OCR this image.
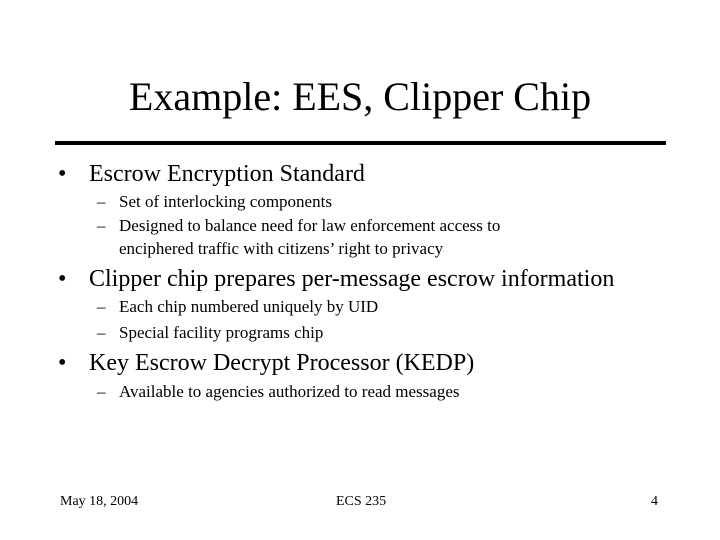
Example: EES, Clipper Chip
• Escrow Encryption Standard
– Set of interlocking components
– Designed to balance need for law enforcement access to
enciphered traffic with citizens’ right to privacy
• Clipper chip prepares per-message escrow information
– Each chip numbered uniquely by UID
– Special facility programs chip
• Key Escrow Decrypt Processor (KEDP)
– Available to agencies authorized to read messages
May 18, 2004	ECS 235	4
